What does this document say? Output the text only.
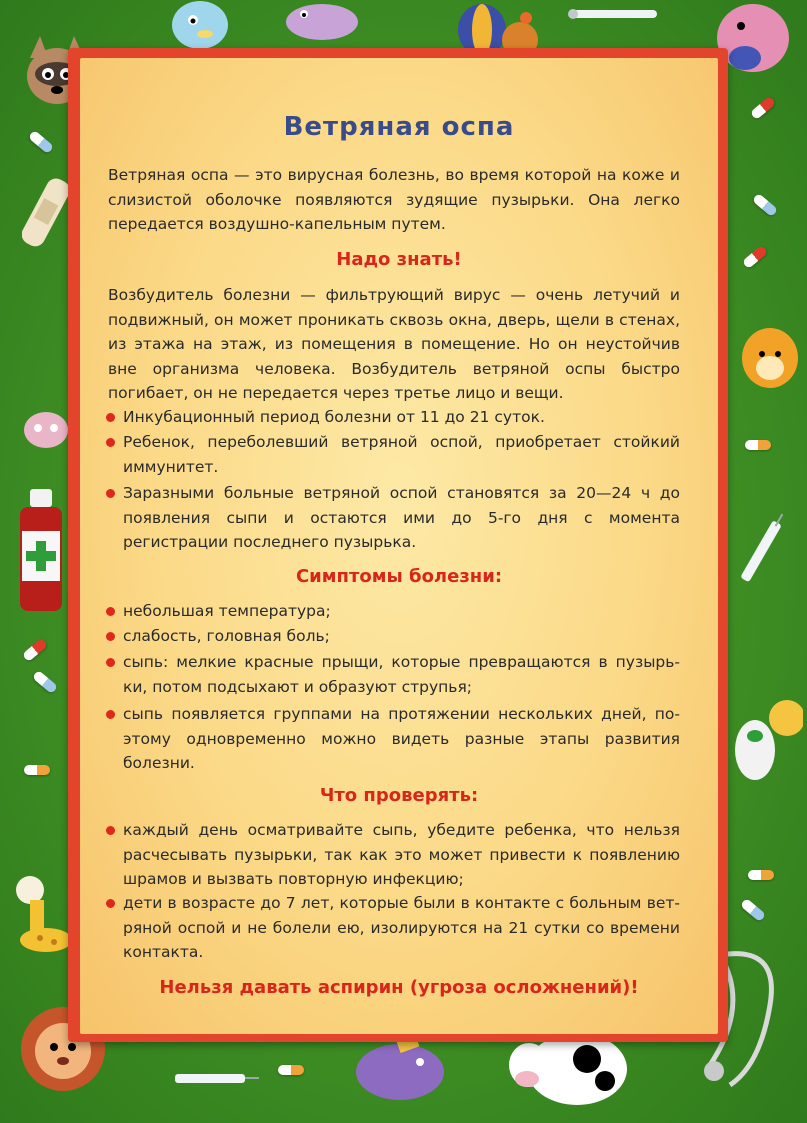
Ветряная оспа

Ветряная оспа — это вирусная болезнь, во время которой на коже и слизистой оболочке появляются зудящие пузырьки. Она легко передается воздушно-капельным путем.

Надо знать!

Возбудитель болезни — фильтрующий вирус — очень летучий и подвижный, он может проникать сквозь окна, дверь, щели в стенах, из этажа на этаж, из помещения в помещение. Но он неустойчив вне организма человека. Возбудитель ветряной оспы быстро погибает, он не передается через третье лицо и вещи.

Инкубационный период болезни от 11 до 21 суток.
Ребенок, переболевший ветряной оспой, приобретает стойкий иммунитет.
Заразными больные ветряной оспой становятся за 20—24 ч до появления сыпи и остаются ими до 5-го дня с момента регистрации последнего пузырька.
Симптомы болезни:
небольшая температура;
слабость, головная боль;
сыпь: мелкие красные прыщи, которые превращаются в пузырь-ки, потом подсыхают и образуют струпья;
сыпь появляется группами на протяжении нескольких дней, по-этому одновременно можно видеть разные этапы развития болезни.
Что проверять:
каждый день осматривайте сыпь, убедите ребенка, что нельзя расчесывать пузырьки, так как это может привести к появлению шрамов и вызвать повторную инфекцию;
дети в возрасте до 7 лет, которые были в контакте с больным вет-ряной оспой и не болели ею, изолируются на 21 сутки со времени контакта.
Нельзя давать аспирин (угроза осложнений)!
